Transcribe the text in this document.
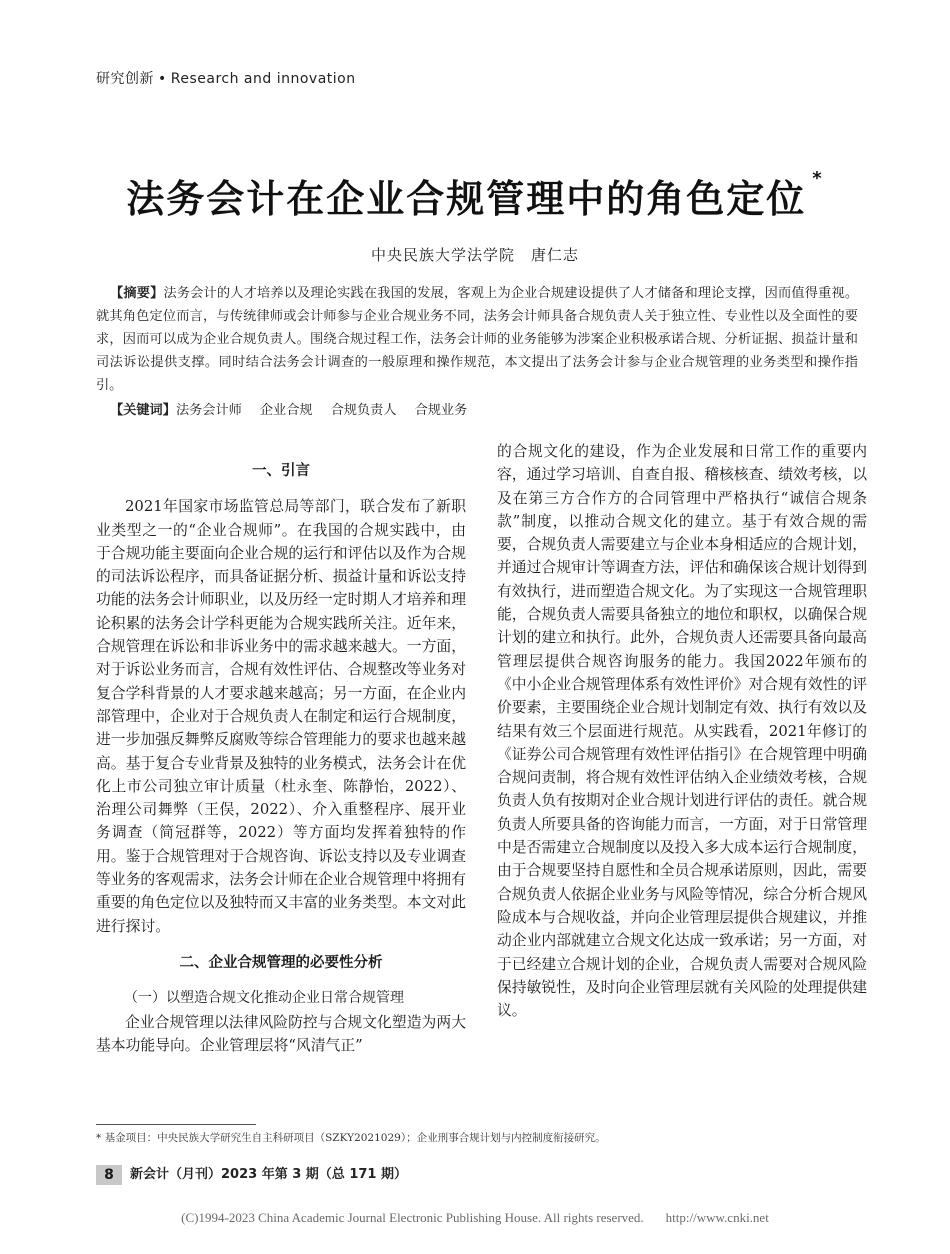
研究创新 • Research and innovation
法务会计在企业合规管理中的角色定位 *
中央民族大学法学院 唐仁志
【摘要】法务会计的人才培养以及理论实践在我国的发展，客观上为企业合规建设提供了人才储备和理论支撑，因而值得重视。就其角色定位而言，与传统律师或会计师参与企业合规业务不同，法务会计师具备合规负责人关于独立性、专业性以及全面性的要求，因而可以成为企业合规负责人。围绕合规过程工作，法务会计师的业务能够为涉案企业积极承诺合规、分析证据、损益计量和司法诉讼提供支撑。同时结合法务会计调查的一般原理和操作规范，本文提出了法务会计参与企业合规管理的业务类型和操作指引。
【关键词】法务会计师 企业合规 合规负责人 合规业务
一、引言

2021年国家市场监管总局等部门，联合发布了新职业类型之一的“企业合规师”。在我国的合规实践中，由于合规功能主要面向企业合规的运行和评估以及作为合规的司法诉讼程序，而具备证据分析、损益计量和诉讼支持功能的法务会计师职业，以及历经一定时期人才培养和理论积累的法务会计学科更能为合规实践所关注。近年来，合规管理在诉讼和非诉业务中的需求越来越大。一方面，对于诉讼业务而言，合规有效性评估、合规整改等业务对复合学科背景的人才要求越来越高；另一方面，在企业内部管理中，企业对于合规负责人在制定和运行合规制度，进一步加强反舞弊反腐败等综合管理能力的要求也越来越高。基于复合专业背景及独特的业务模式，法务会计在优化上市公司独立审计质量（杜永奎、陈静怡，2022）、治理公司舞弊（王俣，2022）、介入重整程序、展开业务调查（简冠群等，2022）等方面均发挥着独特的作用。鉴于合规管理对于合规咨询、诉讼支持以及专业调查等业务的客观需求，法务会计师在企业合规管理中将拥有重要的角色定位以及独特而又丰富的业务类型。本文对此进行探讨。

二、企业合规管理的必要性分析

（一）以塑造合规文化推动企业日常合规管理

企业合规管理以法律风险防控与合规文化塑造为两大基本功能导向。企业管理层将“风清气正”

的合规文化的建设，作为企业发展和日常工作的重要内容，通过学习培训、自查自报、稽核核查、绩效考核，以及在第三方合作方的合同管理中严格执行“诚信合规条款”制度，以推动合规文化的建立。基于有效合规的需要，合规负责人需要建立与企业本身相适应的合规计划，并通过合规审计等调查方法，评估和确保该合规计划得到有效执行，进而塑造合规文化。为了实现这一合规管理职能，合规负责人需要具备独立的地位和职权，以确保合规计划的建立和执行。此外，合规负责人还需要具备向最高管理层提供合规咨询服务的能力。我国2022年颁布的《中小企业合规管理体系有效性评价》对合规有效性的评价要素，主要围绕企业合规计划制定有效、执行有效以及结果有效三个层面进行规范。从实践看，2021年修订的《证券公司合规管理有效性评估指引》在合规管理中明确合规问责制，将合规有效性评估纳入企业绩效考核，合规负责人负有按期对企业合规计划进行评估的责任。就合规负责人所要具备的咨询能力而言，一方面，对于日常管理中是否需建立合规制度以及投入多大成本运行合规制度，由于合规要坚持自愿性和全员合规承诺原则，因此，需要合规负责人依据企业业务与风险等情况，综合分析合规风险成本与合规收益，并向企业管理层提供合规建议，并推动企业内部就建立合规文化达成一致承诺；另一方面，对于已经建立合规计划的企业，合规负责人需要对合规风险保持敏锐性，及时向企业管理层就有关风险的处理提供建议。

* 基金项目：中央民族大学研究生自主科研项目（SZKY2021029）；企业刑事合规计划与内控制度衔接研究。
8	新会计（月刊）2023 年第 3 期（总 171 期）
(C)1994-2023 China Academic Journal Electronic Publishing House. All rights reserved. http://www.cnki.net
